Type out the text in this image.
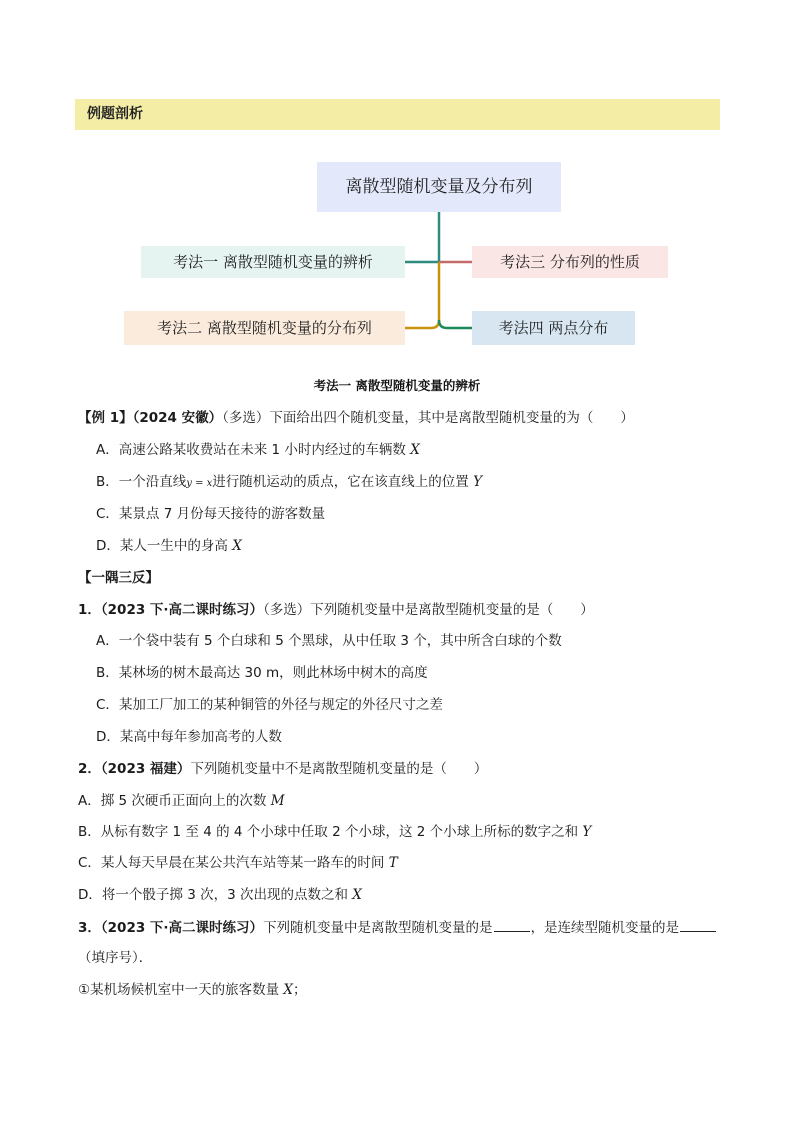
例题剖析
离散型随机变量及分布列
考法一 离散型随机变量的辨析
考法二 离散型随机变量的分布列
考法三 分布列的性质
考法四 两点分布
考法一 离散型随机变量的辨析
【例 1】（2024 安徽）（多选）下面给出四个随机变量，其中是离散型随机变量的为（　　）
A．高速公路某收费站在未来 1 小时内经过的车辆数 X
B．一个沿直线y = x进行随机运动的质点，它在该直线上的位置 Y
C．某景点 7 月份每天接待的游客数量
D．某人一生中的身高 X
【一隅三反】
1．（2023 下·高二课时练习）（多选）下列随机变量中是离散型随机变量的是（　　）
A．一个袋中装有 5 个白球和 5 个黑球，从中任取 3 个，其中所含白球的个数
B．某林场的树木最高达 30 m，则此林场中树木的高度
C．某加工厂加工的某种铜管的外径与规定的外径尺寸之差
D．某高中每年参加高考的人数
2．（2023 福建）下列随机变量中不是离散型随机变量的是（　　）
A．掷 5 次硬币正面向上的次数 M
B．从标有数字 1 至 4 的 4 个小球中任取 2 个小球，这 2 个小球上所标的数字之和 Y
C．某人每天早晨在某公共汽车站等某一路车的时间 T
D．将一个骰子掷 3 次，3 次出现的点数之和 X
3．（2023 下·高二课时练习）下列随机变量中是离散型随机变量的是	，是连续型随机变量的是
（填序号）．
①某机场候机室中一天的旅客数量 X；
